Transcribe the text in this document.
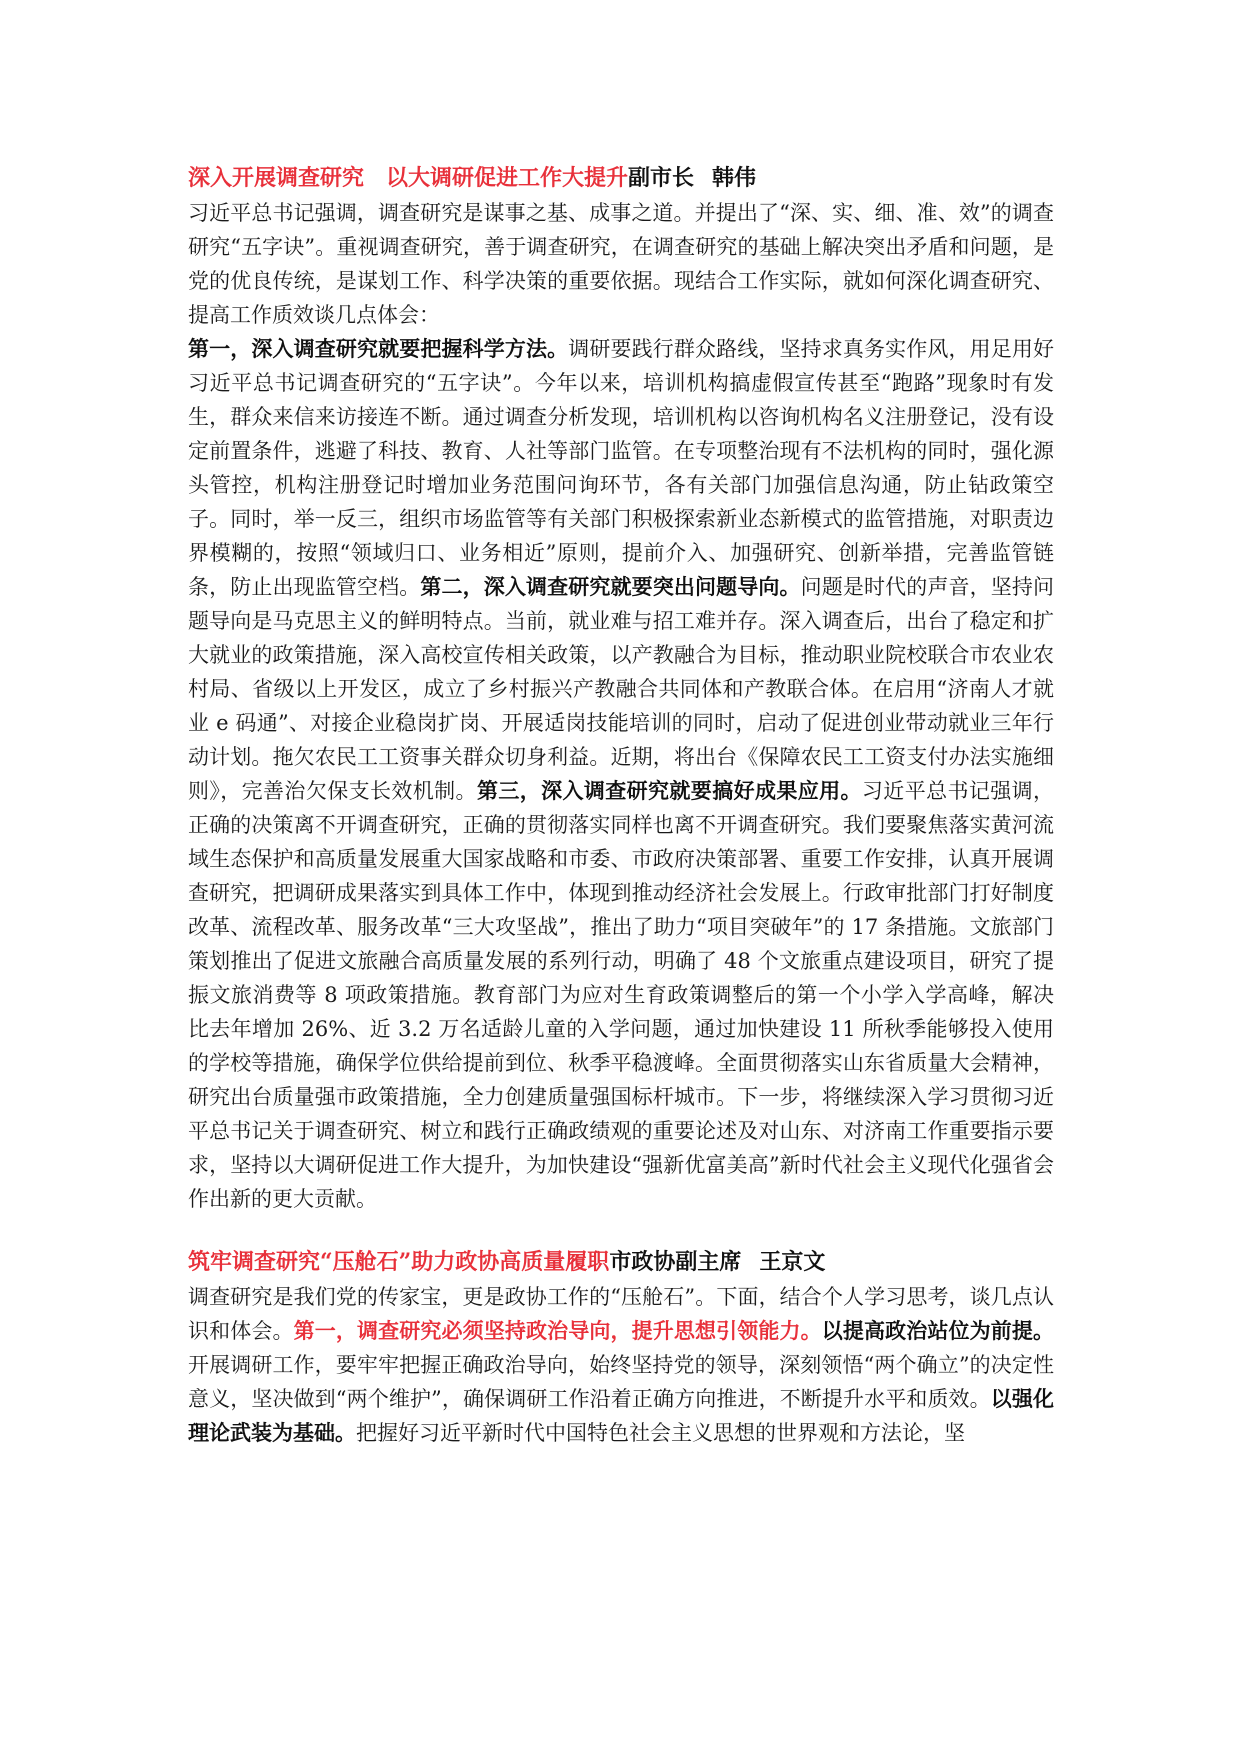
深入开展调查研究　以大调研促进工作大提升副市长 韩伟

习近平总书记强调，调查研究是谋事之基、成事之道。并提出了“深、实、细、准、效”的调查研究“五字诀”。重视调查研究，善于调查研究，在调查研究的基础上解决突出矛盾和问题，是党的优良传统，是谋划工作、科学决策的重要依据。现结合工作实际，就如何深化调查研究、提高工作质效谈几点体会：
第一，深入调查研究就要把握科学方法。调研要践行群众路线，坚持求真务实作风，用足用好习近平总书记调查研究的“五字诀”。今年以来，培训机构搞虚假宣传甚至“跑路”现象时有发生，群众来信来访接连不断。通过调查分析发现，培训机构以咨询机构名义注册登记，没有设定前置条件，逃避了科技、教育、人社等部门监管。在专项整治现有不法机构的同时，强化源头管控，机构注册登记时增加业务范围问询环节，各有关部门加强信息沟通，防止钻政策空子。同时，举一反三，组织市场监管等有关部门积极探索新业态新模式的监管措施，对职责边界模糊的，按照“领域归口、业务相近”原则，提前介入、加强研究、创新举措，完善监管链条，防止出现监管空档。第二，深入调查研究就要突出问题导向。问题是时代的声音，坚持问题导向是马克思主义的鲜明特点。当前，就业难与招工难并存。深入调查后，出台了稳定和扩大就业的政策措施，深入高校宣传相关政策，以产教融合为目标，推动职业院校联合市农业农村局、省级以上开发区，成立了乡村振兴产教融合共同体和产教联合体。在启用“济南人才就业 e 码通”、对接企业稳岗扩岗、开展适岗技能培训的同时，启动了促进创业带动就业三年行动计划。拖欠农民工工资事关群众切身利益。近期，将出台《保障农民工工资支付办法实施细则》，完善治欠保支长效机制。第三，深入调查研究就要搞好成果应用。习近平总书记强调，正确的决策离不开调查研究，正确的贯彻落实同样也离不开调查研究。我们要聚焦落实黄河流域生态保护和高质量发展重大国家战略和市委、市政府决策部署、重要工作安排，认真开展调查研究，把调研成果落实到具体工作中，体现到推动经济社会发展上。行政审批部门打好制度改革、流程改革、服务改革“三大攻坚战”，推出了助力“项目突破年”的 17 条措施。文旅部门策划推出了促进文旅融合高质量发展的系列行动，明确了 48 个文旅重点建设项目，研究了提振文旅消费等 8 项政策措施。教育部门为应对生育政策调整后的第一个小学入学高峰，解决比去年增加 26%、近 3.2 万名适龄儿童的入学问题，通过加快建设 11 所秋季能够投入使用的学校等措施，确保学位供给提前到位、秋季平稳渡峰。全面贯彻落实山东省质量大会精神，研究出台质量强市政策措施，全力创建质量强国标杆城市。下一步，将继续深入学习贯彻习近平总书记关于调查研究、树立和践行正确政绩观的重要论述及对山东、对济南工作重要指示要求，坚持以大调研促进工作大提升，为加快建设“强新优富美高”新时代社会主义现代化强省会作出新的更大贡献。

筑牢调查研究“压舱石”助力政协高质量履职市政协副主席 王京文

调查研究是我们党的传家宝，更是政协工作的“压舱石”。下面，结合个人学习思考，谈几点认识和体会。第一，调查研究必须坚持政治导向，提升思想引领能力。以提高政治站位为前提。开展调研工作，要牢牢把握正确政治导向，始终坚持党的领导，深刻领悟“两个确立”的决定性意义，坚决做到“两个维护”，确保调研工作沿着正确方向推进，不断提升水平和质效。以强化理论武装为基础。把握好习近平新时代中国特色社会主义思想的世界观和方法论，坚
